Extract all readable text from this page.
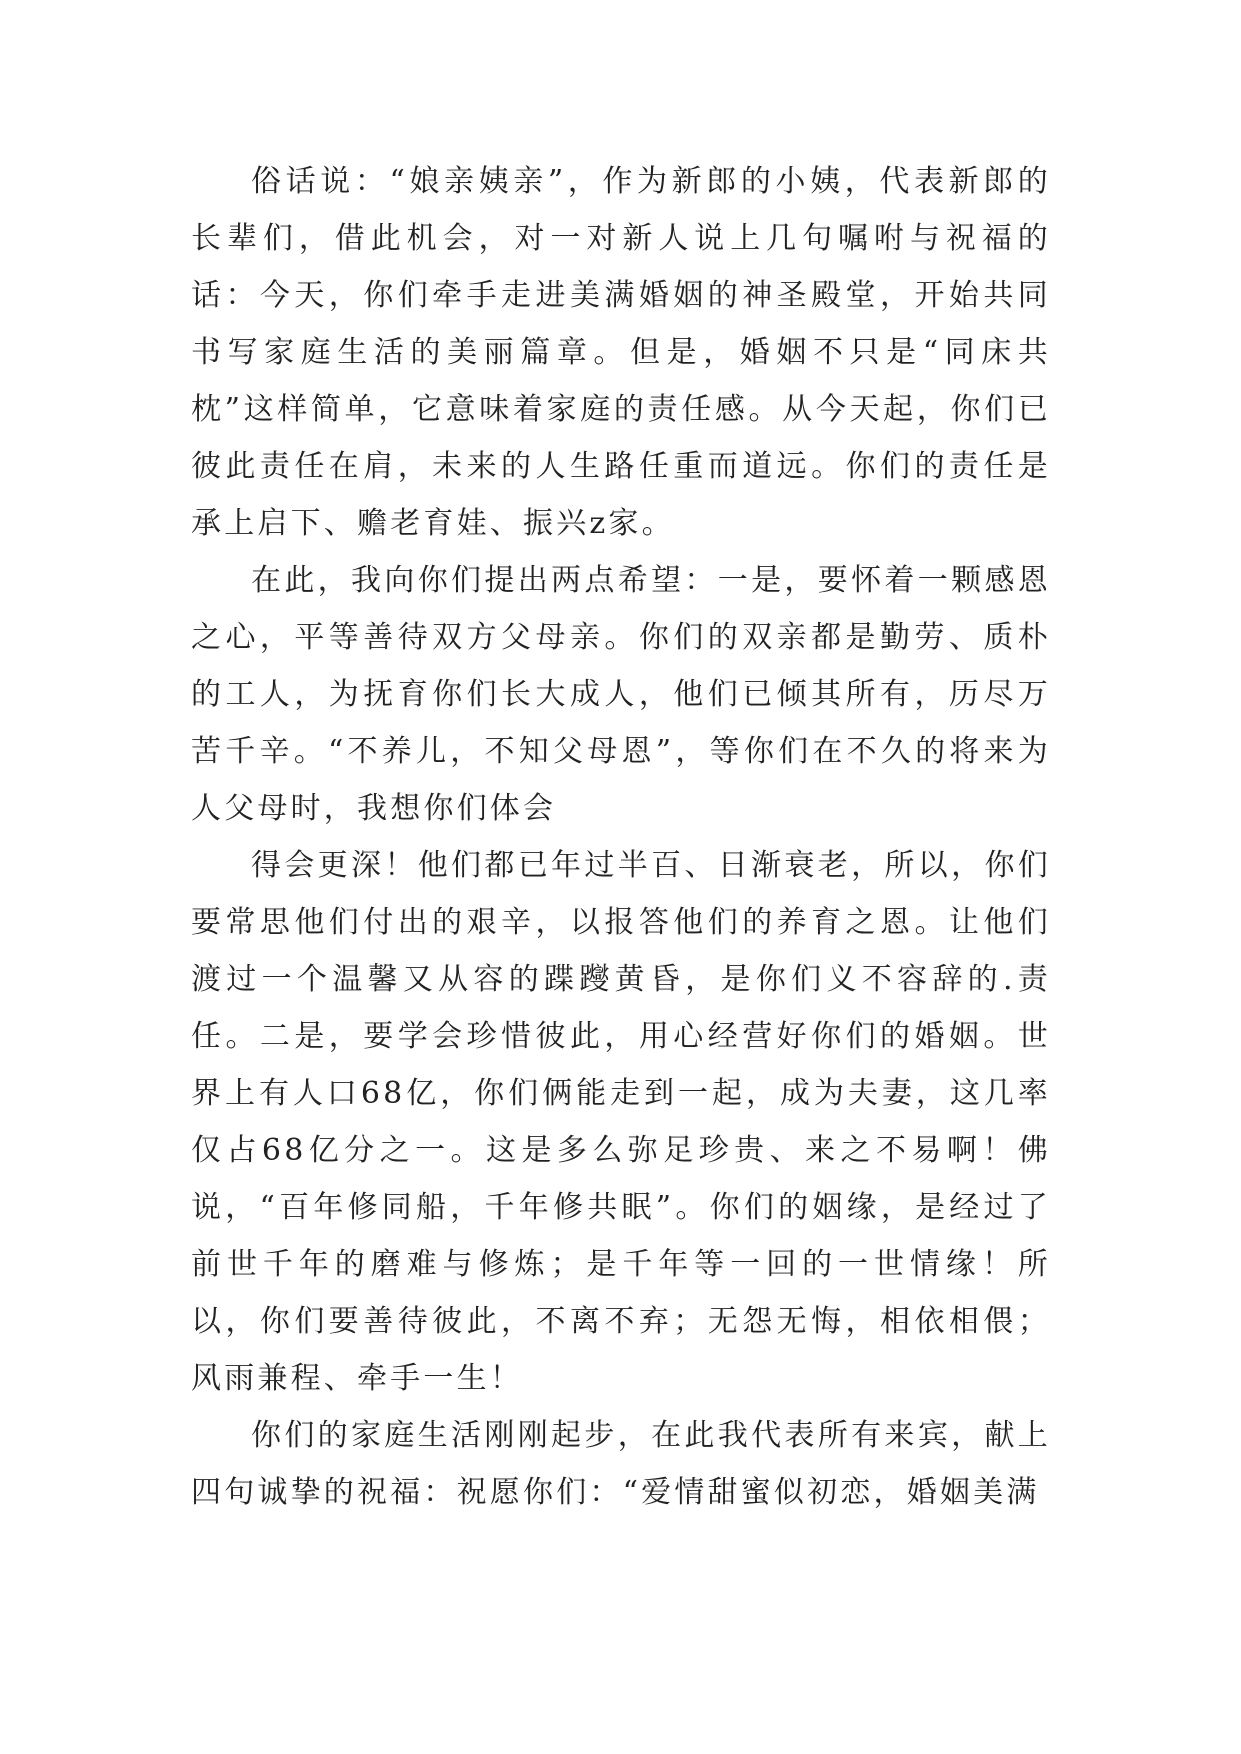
俗话说：“娘亲姨亲”，作为新郎的小姨，代表新郎的长辈们，借此机会，对一对新人说上几句嘱咐与祝福的话：今天，你们牵手走进美满婚姻的神圣殿堂，开始共同书写家庭生活的美丽篇章。但是，婚姻不只是“同床共枕”这样简单，它意味着家庭的责任感。从今天起，你们已彼此责任在肩，未来的人生路任重而道远。你们的责任是承上启下、赡老育娃、振兴z家。

在此，我向你们提出两点希望：一是，要怀着一颗感恩之心，平等善待双方父母亲。你们的双亲都是勤劳、质朴的工人，为抚育你们长大成人，他们已倾其所有，历尽万苦千辛。“不养儿，不知父母恩”，等你们在不久的将来为人父母时，我想你们体会

得会更深！他们都已年过半百、日渐衰老，所以，你们要常思他们付出的艰辛，以报答他们的养育之恩。让他们渡过一个温馨又从容的蹀躞黄昏，是你们义不容辞的.责任。二是，要学会珍惜彼此，用心经营好你们的婚姻。世界上有人口68亿，你们俩能走到一起，成为夫妻，这几率仅占68亿分之一。这是多么弥足珍贵、来之不易啊！佛说，“百年修同船，千年修共眠”。你们的姻缘，是经过了前世千年的磨难与修炼；是千年等一回的一世情缘！所以，你们要善待彼此，不离不弃；无怨无悔，相依相偎；风雨兼程、牵手一生！

你们的家庭生活刚刚起步，在此我代表所有来宾，献上四句诚挚的祝福：祝愿你们：“爱情甜蜜似初恋，婚姻美满
